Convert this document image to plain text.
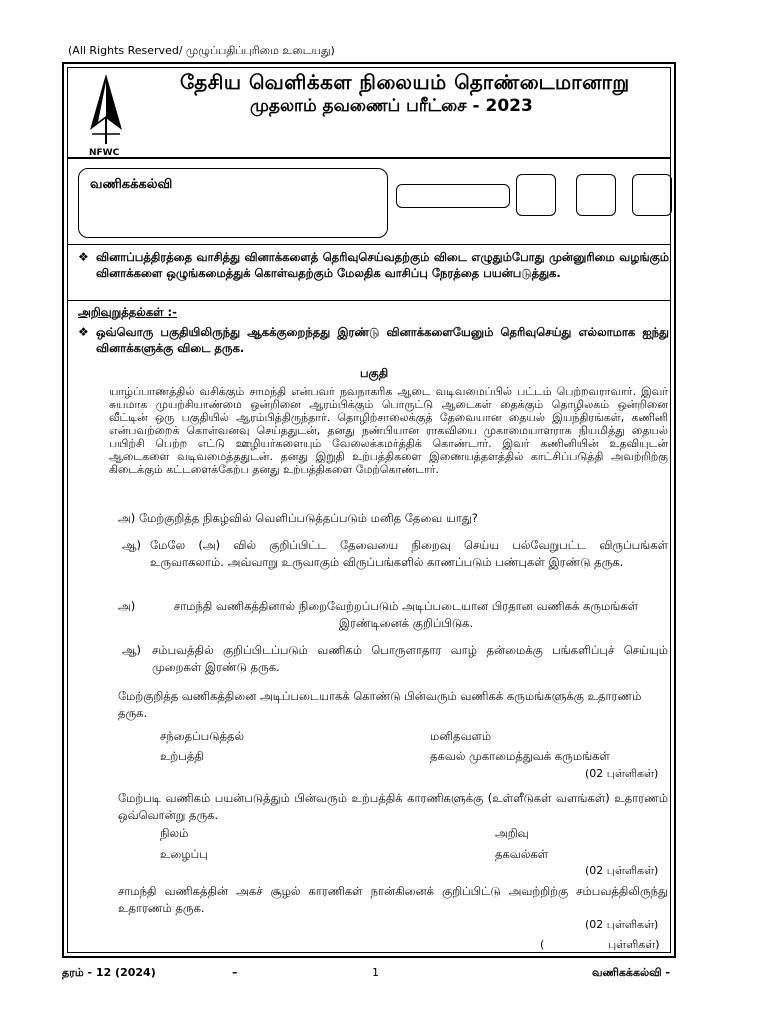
(All Rights Reserved/ முழுப்பதிப்புரிமை உடையது)
NFWC
தேசிய வெளிக்கள நிலையம் தொண்டைமானாறு
முதலாம் தவணைப் பரீட்சை - 2023
வணிகக்கல்வி
❖ வினாப்பத்திரத்தை வாசித்து வினாக்களைத் தெரிவுசெய்வதற்கும் விடை எழுதும்போது முன்னுரிமை வழங்கும் வினாக்களை ஒழுங்கமைத்துக் கொள்வதற்கும் மேலதிக வாசிப்பு நேரத்தை பயன்படுத்துக.
அறிவுறுத்தல்கள் :-
❖ ஒவ்வொரு பகுதியிலிருந்து ஆகக்குறைந்தது இரண்டு வினாக்களையேனும் தெரிவுசெய்து எல்லாமாக ஐந்து வினாக்களுக்கு விடை தருக.
பகுதி
யாழ்ப்பாணத்தில் வசிக்கும் சாமந்தி என்பவர் நவநாகரிக ஆடை வடிவமைப்பில் பட்டம் பெற்றவராவார். இவர் சுயமாக முயற்சியாண்மை ஒன்றினை ஆரம்பிக்கும் பொருட்டு ஆடைகள் தைக்கும் தொழிலகம் ஒன்றினை வீட்டின் ஒரு பகுதியில் ஆரம்பித்திருந்தார். தொழிற்சாலைக்குத் தேவையான தையல் இயந்திரங்கள், கணினி என்பவற்றைக் கொள்வனவு செய்ததுடன், தனது நண்பியான ராகவியை முகாமையாளராக நியமித்து தையல் பயிற்சி பெற்ற எட்டு ஊழியர்களையும் வேலைக்கமர்த்திக் கொண்டார். இவர் கணினியின் உதவியுடன் ஆடைகளை வடிவமைத்ததுடன். தனது இறுதி உற்பத்திகளை இணையத்தளத்தில் காட்சிப்படுத்தி அவற்றிற்கு கிடைக்கும் கட்டளைக்கேற்ப தனது உற்பத்திகளை மேற்கொண்டார்.
அ) மேற்குறித்த நிகழ்வில் வெளிப்படுத்தப்படும் மனித தேவை யாது?
ஆ) மேலே (அ) வில் குறிப்பிட்ட தேவையை நிறைவு செய்ய பல்வேறுபட்ட விருப்பங்கள் உருவாகலாம். அவ்வாறு உருவாகும் விருப்பங்களில் காணப்படும் பண்புகள் இரண்டு தருக.
அ)	சாமந்தி வணிகத்தினால் நிறைவேற்றப்படும் அடிப்படையான பிரதான வணிகக் கருமங்கள் இரண்டினைக் குறிப்பிடுக.
ஆ) சம்பவத்தில் குறிப்பிடப்படும் வணிகம் பொருளாதார வாழ் தன்மைக்கு பங்களிப்புச் செய்யும் முறைகள் இரண்டு தருக.
மேற்குறித்த வணிகத்தினை அடிப்படையாகக் கொண்டு பின்வரும் வணிகக் கருமங்களுக்கு உதாரணம் தருக.
சந்தைப்படுத்தல்	மனிதவளம்
உற்பத்தி	தகவல் முகாமைத்துவக் கருமங்கள்
(02 புள்ளிகள்)
மேற்படி வணிகம் பயன்படுத்தும் பின்வரும் உற்பத்திக் காரணிகளுக்கு (உள்ளீடுகள் வளங்கள்) உதாரணம் ஒவ்வொன்று தருக.
நிலம்	அறிவு
உழைப்பு	தகவல்கள்
(02 புள்ளிகள்)
சாமந்தி வணிகத்தின் அகச் சூழல் காரணிகள் நான்கினைக் குறிப்பிட்டு அவற்றிற்கு சம்பவத்திலிருந்து உதாரணம் தருக.
(02 புள்ளிகள்)
(	புள்ளிகள்)
தரம் - 12 (2024)	–	1	வணிகக்கல்வி -
